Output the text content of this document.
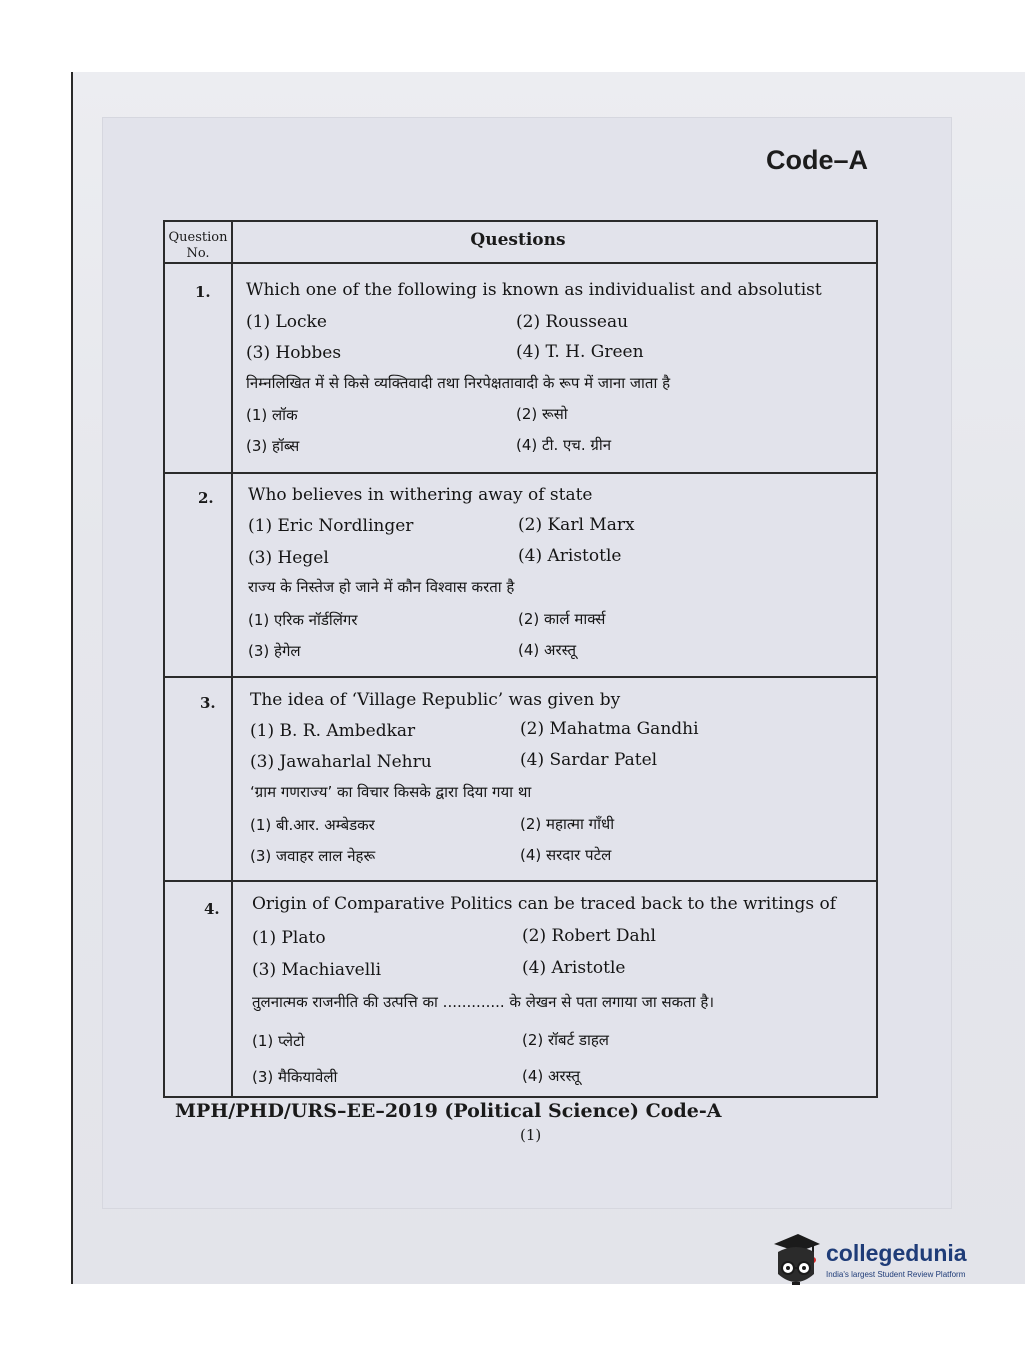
Code–A
Question No.
Questions
1. Which one of the following is known as individualist and absolutist
(1) Locke	(2) Rousseau
(3) Hobbes	(4) T. H. Green
निम्नलिखित में से किसे व्यक्तिवादी तथा निरपेक्षतावादी के रूप में जाना जाता है
(1) लॉक	(2) रूसो
(3) हॉब्स	(4) टी. एच. ग्रीन
2. Who believes in withering away of state
(1) Eric Nordlinger	(2) Karl Marx
(3) Hegel	(4) Aristotle
राज्य के निस्तेज हो जाने में कौन विश्वास करता है
(1) एरिक नॉर्डलिंगर	(2) कार्ल मार्क्स
(3) हेगेल	(4) अरस्तू
3. The idea of ‘Village Republic’ was given by
(1) B. R. Ambedkar	(2) Mahatma Gandhi
(3) Jawaharlal Nehru	(4) Sardar Patel
‘ग्राम गणराज्य’ का विचार किसके द्वारा दिया गया था
(1) बी.आर. अम्बेडकर	(2) महात्मा गाँधी
(3) जवाहर लाल नेहरू	(4) सरदार पटेल
4. Origin of Comparative Politics can be traced back to the writings of
(1) Plato	(2) Robert Dahl
(3) Machiavelli	(4) Aristotle
तुलनात्मक राजनीति की उत्पत्ति का ............. के लेखन से पता लगाया जा सकता है।
(1) प्लेटो	(2) रॉबर्ट डाहल
(3) मैकियावेली	(4) अरस्तू
MPH/PHD/URS–EE–2019 (Political Science) Code-A
(1)
collegedunia
India's largest Student Review Platform
